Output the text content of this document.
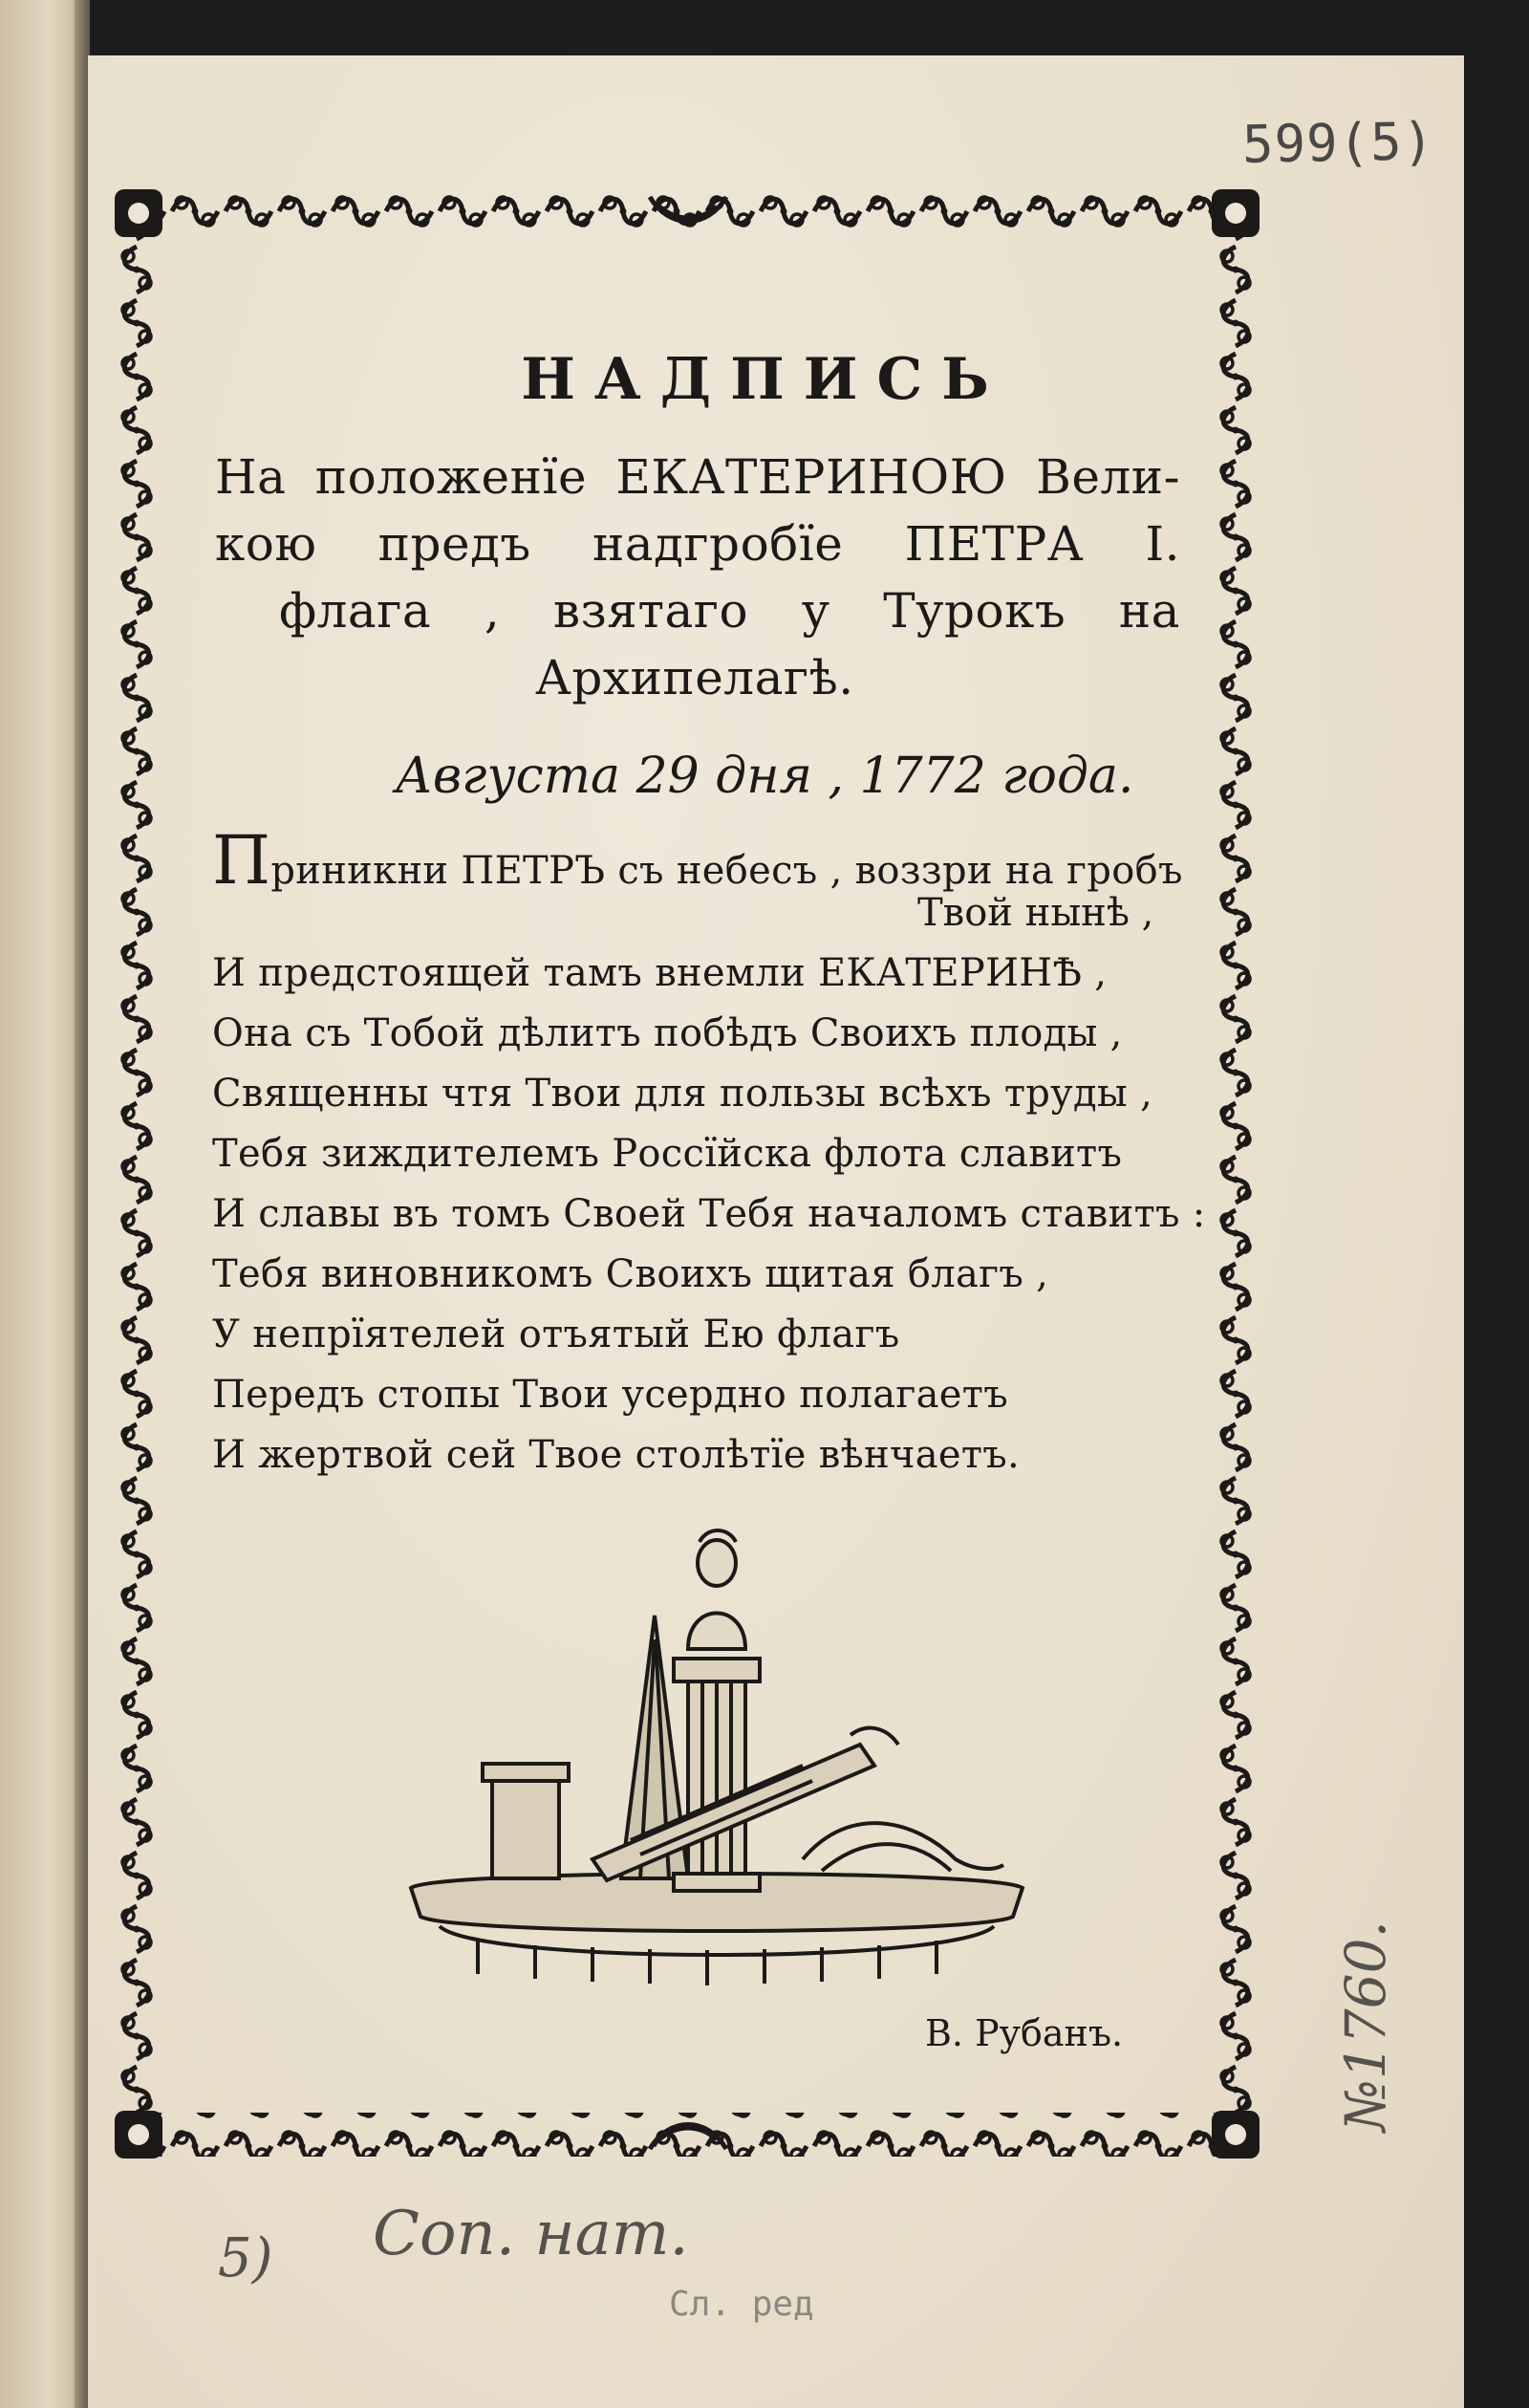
599(5)
НАДПИСЬ
На положенїе ЕКАТЕРИНОЮ Вели-
кою предъ надгробїе ПЕТРА I.
флага , взятаго у Турокъ на
Архипелагѣ.
Августа 29 дня , 1772 года.
Приникни ПЕТРЪ съ небесъ , воззри на гробъ
Твой нынѣ ,
И предстоящей тамъ внемли ЕКАТЕРИНѢ ,
Она съ Тобой дѣлитъ побѣдъ Своихъ плоды ,
Священны чтя Твои для пользы всѣхъ труды ,
Тебя зиждителемъ Россїйска флота славитъ
И славы въ томъ Своей Тебя началомъ ставитъ :
Тебя виновникомъ Своихъ щитая благъ ,
У непрїятелей отъятый Ею флагъ
Передъ стопы Твои усердно полагаетъ
И жертвой сей Твое столѣтїе вѣнчаетъ.
В. Рубанъ.
5) Соп. нат.
Сл. ред
№1760.
